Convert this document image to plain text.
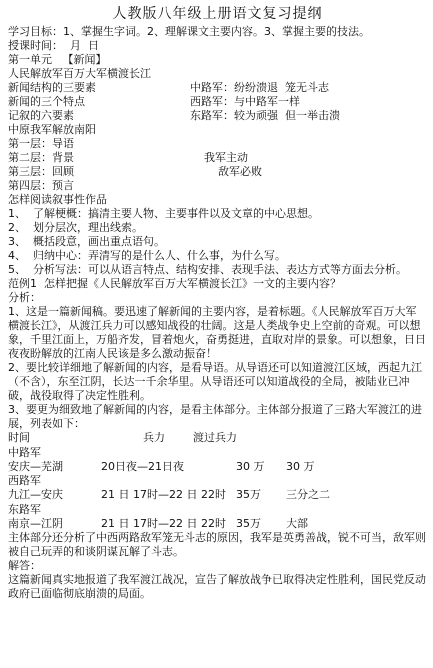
人教版八年级上册语文复习提纲
学习目标：1、掌握生字词。2、理解课文主要内容。3、掌握主要的技法。
授课时间：  月  日
第一单元   【新闻】
人民解放军百万大军横渡长江
新闻结构的三要素	中路军：纷纷溃退  笼无斗志
新闻的三个特点	西路军：与中路军一样
记叙的六要素	东路军：较为顽强  但一举击溃
中原我军解放南阳
第一层：导语
第二层：背景	我军主动
第三层：回顾	敌军必败
第四层：预言
怎样阅读叙事性作品
1、  了解梗概：搞清主要人物、主要事件以及文章的中心思想。
2、  划分层次，理出线索。
3、  概括段意，画出重点语句。
4、  归纳中心：弄清写的是什么人、什么事，为什么写。
5、  分析写法：可以从语言特点、结构安排、表现手法、表达方式等方面去分析。
范例1  怎样把握《人民解放军百万大军横渡长江》一文的主要内容？
分析：
1、这是一篇新闻稿。要迅速了解新闻的主要内容，是着标题。《人民解放军百万大军横渡长江》，从渡江兵力可以感知战役的壮阔。这是人类战争史上空前的奇观。可以想象，千里江面上，万船齐发，冒着炮火，奋勇挺进，直取对岸的景象。可以想象，日日夜夜盼解放的江南人民该是多么激动振奋！
2、要比较详细地了解新闻的内容，是看导语。从导语还可以知道渡江区域，西起九江（不含），东至江阴，长达一千余华里。从导语还可以知道战役的全局，被陆业已冲破，战役取得了决定性胜利。
3、要更为细致地了解新闻的内容，是看主体部分。主体部分报道了三路大军渡江的进展，列表如下：
时间	兵力	渡过兵力
中路军
安庆—芜湖	20日夜—21日夜	30 万	30 万
西路军
九江—安庆	21 日 17时—22 日 22时 35万	三分之二
东路军
南京—江阴	21 日 17时—22 日 22时 35万	大部
主体部分还分析了中西两路敌军笼无斗志的原因，我军是英勇善战，锐不可当，敌军则被自己玩弄的和谈阴谋瓦解了斗志。
解答：
这篇新闻真实地报道了我军渡江战况，宣告了解放战争已取得决定性胜利，国民党反动政府已面临彻底崩溃的局面。
